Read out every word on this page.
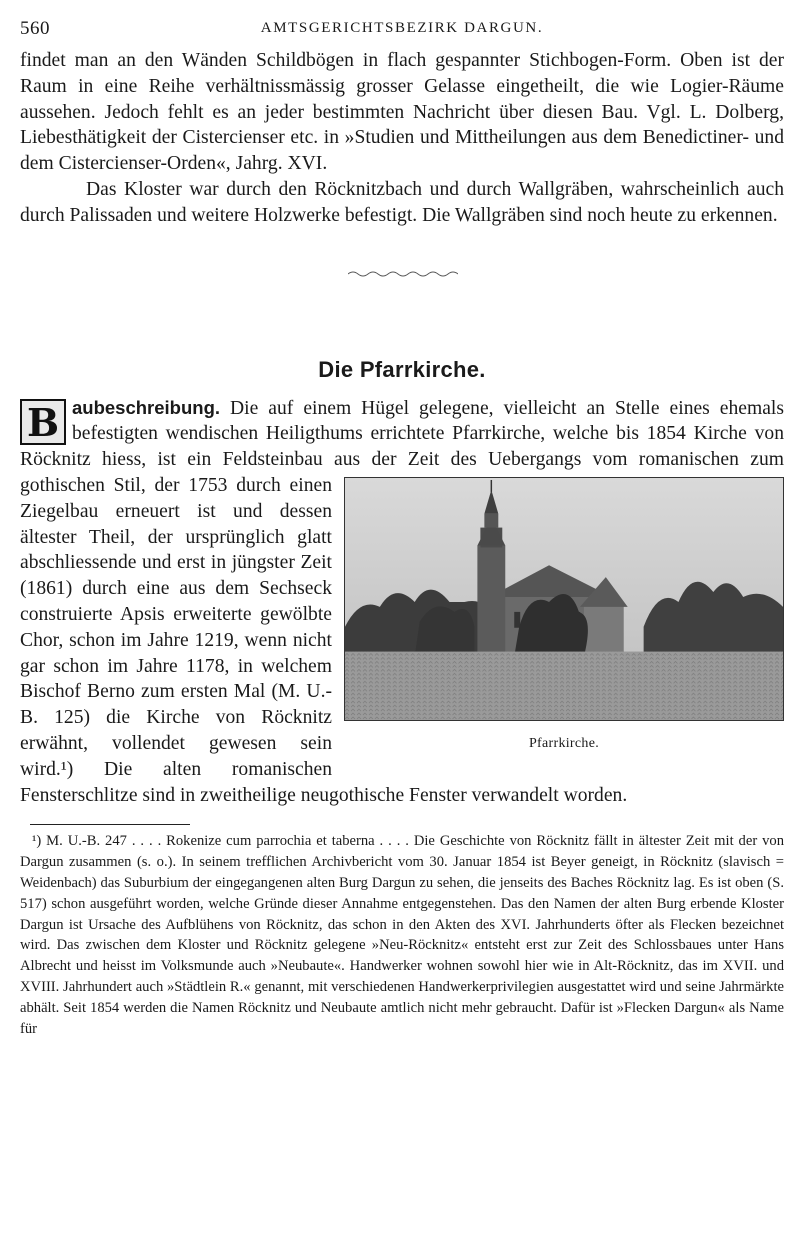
560	AMTSGERICHTSBEZIRK DARGUN.

findet man an den Wänden Schildbögen in flach gespannter Stichbogen-Form. Oben ist der Raum in eine Reihe verhältnissmässig grosser Gelasse eingetheilt, die wie Logier-Räume aussehen. Jedoch fehlt es an jeder bestimmten Nachricht über diesen Bau. Vgl. L. Dolberg, Liebesthätigkeit der Cistercienser etc. in »Studien und Mittheilungen aus dem Benedictiner- und dem Cistercienser-Orden«, Jahrg. XVI.

Das Kloster war durch den Röcknitzbach und durch Wallgräben, wahrscheinlich auch durch Palissaden und weitere Holzwerke befestigt. Die Wallgräben sind noch heute zu erkennen.

Die Pfarrkirche.
B aubeschreibung. Die auf einem Hügel gelegene, vielleicht an Stelle eines ehemals befestigten wendischen Heiligthums errichtete Pfarrkirche, welche bis 1854 Kirche von Röcknitz hiess, ist ein Feldsteinbau aus der
Pfarrkirche.
Zeit des Uebergangs vom romanischen zum gothischen Stil, der 1753 durch einen Ziegelbau erneuert ist und dessen ältester Theil, der ursprünglich glatt abschliessende und erst in jüngster Zeit (1861) durch eine aus dem Sechseck construierte Apsis erweiterte gewölbte Chor, schon im Jahre 1219, wenn nicht gar schon im Jahre 1178, in welchem Bischof Berno zum ersten Mal (M. U.-B. 125) die Kirche von Röcknitz erwähnt, vollendet gewesen sein wird.¹) Die alten romanischen Fensterschlitze sind in zweitheilige neugothische Fenster verwandelt worden.

¹) M. U.-B. 247 . . . . Rokenize cum parrochia et taberna . . . . Die Geschichte von Röcknitz fällt in ältester Zeit mit der von Dargun zusammen (s. o.). In seinem trefflichen Archivbericht vom 30. Januar 1854 ist Beyer geneigt, in Röcknitz (slavisch = Weidenbach) das Suburbium der eingegangenen alten Burg Dargun zu sehen, die jenseits des Baches Röcknitz lag. Es ist oben (S. 517) schon ausgeführt worden, welche Gründe dieser Annahme entgegenstehen. Das den Namen der alten Burg erbende Kloster Dargun ist Ursache des Aufblühens von Röcknitz, das schon in den Akten des XVI. Jahrhunderts öfter als Flecken bezeichnet wird. Das zwischen dem Kloster und Röcknitz gelegene »Neu-Röcknitz« entsteht erst zur Zeit des Schlossbaues unter Hans Albrecht und heisst im Volksmunde auch »Neubaute«. Handwerker wohnen sowohl hier wie in Alt-Röcknitz, das im XVII. und XVIII. Jahrhundert auch »Städtlein R.« genannt, mit verschiedenen Handwerkerprivilegien ausgestattet wird und seine Jahrmärkte abhält. Seit 1854 werden die Namen Röcknitz und Neubaute amtlich nicht mehr gebraucht. Dafür ist »Flecken Dargun« als Name für
